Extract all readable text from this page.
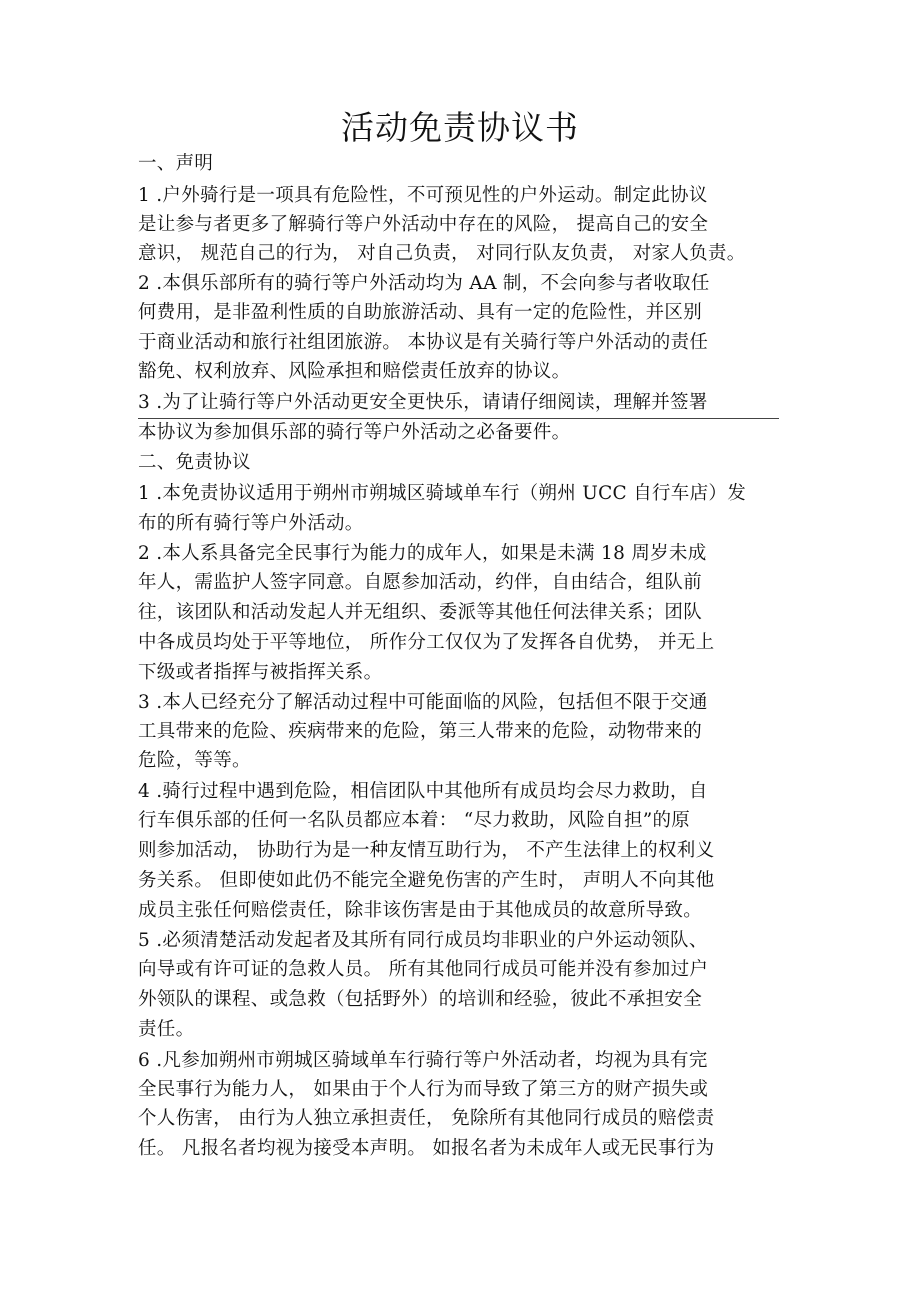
活动免责协议书
一、声明
1 .户外骑行是一项具有危险性，不可预见性的户外运动。制定此协议
是让参与者更多了解骑行等户外活动中存在的风险， 提高自己的安全
意识， 规范自己的行为， 对自己负责， 对同行队友负责， 对家人负责。
2 .本俱乐部所有的骑行等户外活动均为 AA 制，不会向参与者收取任
何费用，是非盈利性质的自助旅游活动、具有一定的危险性，并区别
于商业活动和旅行社组团旅游。 本协议是有关骑行等户外活动的责任
豁免、权利放弃、风险承担和赔偿责任放弃的协议。
3 .为了让骑行等户外活动更安全更快乐，请请仔细阅读，理解并签署
本协议为参加俱乐部的骑行等户外活动之必备要件。
二、免责协议
1 .本免责协议适用于朔州市朔城区骑域单车行（朔州 UCC 自行车店）发
布的所有骑行等户外活动。
2 .本人系具备完全民事行为能力的成年人，如果是未满 18 周岁未成
年人，需监护人签字同意。自愿参加活动，约伴，自由结合，组队前
往，该团队和活动发起人并无组织、委派等其他任何法律关系；团队
中各成员均处于平等地位， 所作分工仅仅为了发挥各自优势， 并无上
下级或者指挥与被指挥关系。
3 .本人已经充分了解活动过程中可能面临的风险，包括但不限于交通
工具带来的危险、疾病带来的危险，第三人带来的危险，动物带来的
危险，等等。
4 .骑行过程中遇到危险，相信团队中其他所有成员均会尽力救助，自
行车俱乐部的任何一名队员都应本着： “尽力救助，风险自担”的原
则参加活动， 协助行为是一种友情互助行为， 不产生法律上的权利义
务关系。 但即使如此仍不能完全避免伤害的产生时， 声明人不向其他
成员主张任何赔偿责任，除非该伤害是由于其他成员的故意所导致。
5 .必须清楚活动发起者及其所有同行成员均非职业的户外运动领队、
向导或有许可证的急救人员。 所有其他同行成员可能并没有参加过户
外领队的课程、或急救（包括野外）的培训和经验，彼此不承担安全
责任。
6 .凡参加朔州市朔城区骑域单车行骑行等户外活动者，均视为具有完
全民事行为能力人， 如果由于个人行为而导致了第三方的财产损失或
个人伤害， 由行为人独立承担责任， 免除所有其他同行成员的赔偿责
任。 凡报名者均视为接受本声明。 如报名者为未成年人或无民事行为
